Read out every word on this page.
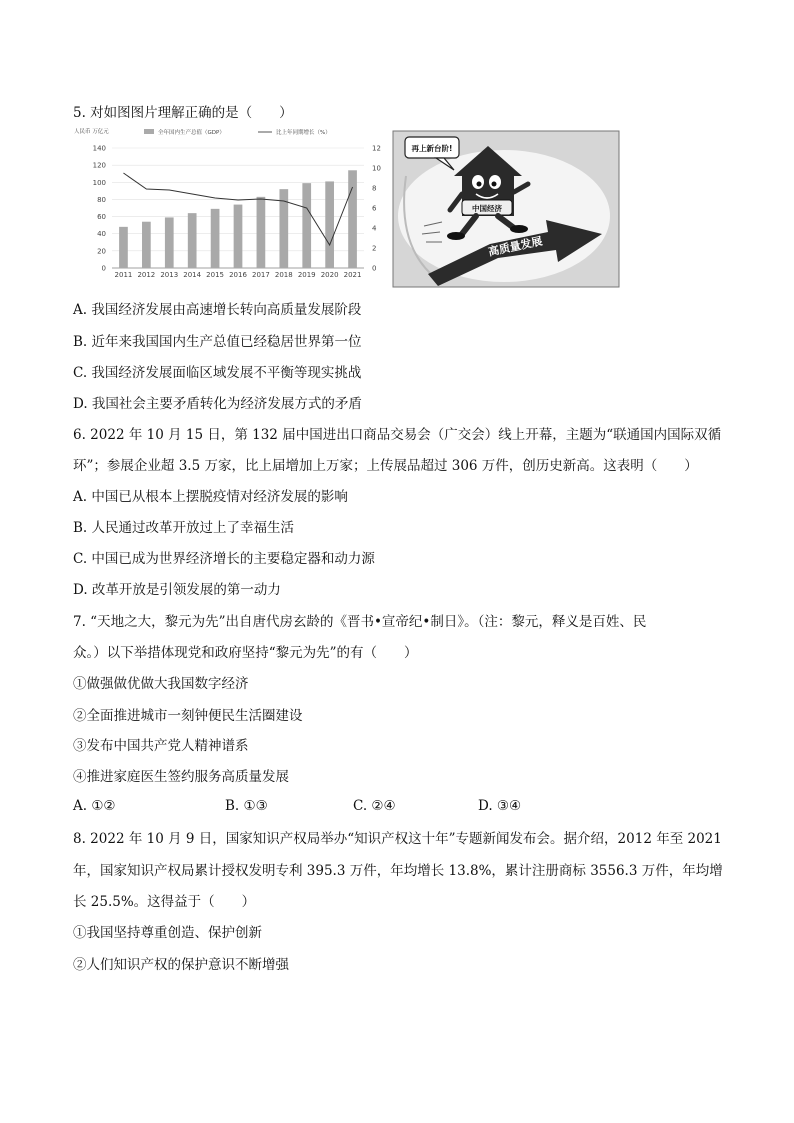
5. 对如图图片理解正确的是（　　）
人民币 万亿元	全年国内生产总值（GDP）	比上年同期增长（%）
0
20
40
60
80
100
120
140
0
2
4
6
8
10
12
2011 2012 2013 2014 2015 2016 2017 2018 2019 2020 2021
再上新台阶!
高质量发展
中国经济
A. 我国经济发展由高速增长转向高质量发展阶段
B. 近年来我国国内生产总值已经稳居世界第一位
C. 我国经济发展面临区域发展不平衡等现实挑战
D. 我国社会主要矛盾转化为经济发展方式的矛盾
6. 2022 年 10 月 15 日，第 132 届中国进出口商品交易会（广交会）线上开幕，主题为“联通国内国际双循
环”；参展企业超 3.5 万家，比上届增加上万家；上传展品超过 306 万件，创历史新高。这表明（　　）
A. 中国已从根本上摆脱疫情对经济发展的影响
B. 人民通过改革开放过上了幸福生活
C. 中国已成为世界经济增长的主要稳定器和动力源
D. 改革开放是引领发展的第一动力
7. “天地之大，黎元为先”出自唐代房玄龄的《晋书•宣帝纪•制日》。（注：黎元，释义是百姓、民
众。）以下举措体现党和政府坚持“黎元为先”的有（　　）
①做强做优做大我国数字经济
②全面推进城市一刻钟便民生活圈建设
③发布中国共产党人精神谱系
④推进家庭医生签约服务高质量发展
A. ①②	B. ①③	C. ②④	D. ③④
8. 2022 年 10 月 9 日，国家知识产权局举办“知识产权这十年”专题新闻发布会。据介绍，2012 年至 2021
年，国家知识产权局累计授权发明专利 395.3 万件，年均增长 13.8%，累计注册商标 3556.3 万件，年均增
长 25.5%。这得益于（　　）
①我国坚持尊重创造、保护创新
②人们知识产权的保护意识不断增强
